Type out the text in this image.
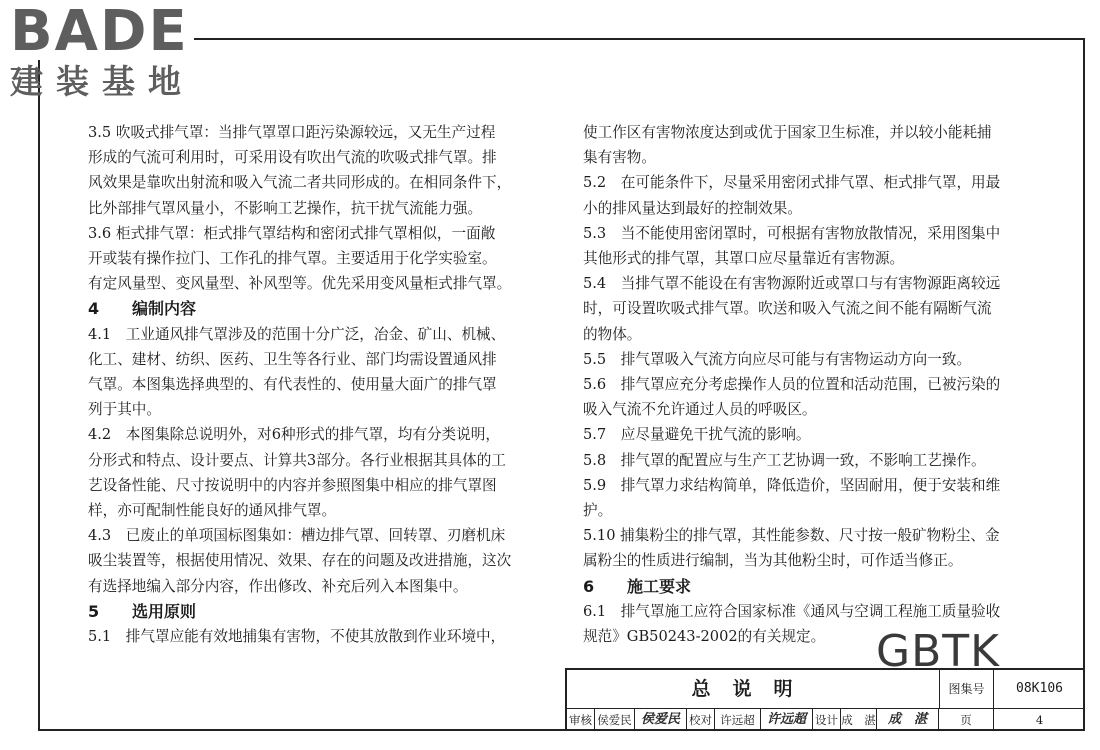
BADE
建装基地

3.5 吹吸式排气罩：当排气罩罩口距污染源较远，又无生产过程
形成的气流可利用时，可采用设有吹出气流的吹吸式排气罩。排
风效果是靠吹出射流和吸入气流二者共同形成的。在相同条件下，
比外部排气罩风量小，不影响工艺操作，抗干扰气流能力强。

3.6 柜式排气罩：柜式排气罩结构和密闭式排气罩相似，一面敞
开或装有操作拉门、工作孔的排气罩。主要适用于化学实验室。
有定风量型、变风量型、补风型等。优先采用变风量柜式排气罩。

4 编制内容

4.1　工业通风排气罩涉及的范围十分广泛，冶金、矿山、机械、
化工、建材、纺织、医药、卫生等各行业、部门均需设置通风排
气罩。本图集选择典型的、有代表性的、使用量大面广的排气罩
列于其中。

4.2　本图集除总说明外，对6种形式的排气罩，均有分类说明，
分形式和特点、设计要点、计算共3部分。各行业根据其具体的工
艺设备性能、尺寸按说明中的内容并参照图集中相应的排气罩图
样，亦可配制性能良好的通风排气罩。

4.3　已废止的单项国标图集如：槽边排气罩、回转罩、刃磨机床
吸尘装置等，根据使用情况、效果、存在的问题及改进措施，这次
有选择地编入部分内容，作出修改、补充后列入本图集中。

5 选用原则

5.1　排气罩应能有效地捕集有害物，不使其放散到作业环境中，

使工作区有害物浓度达到或优于国家卫生标准，并以较小能耗捕
集有害物。

5.2　在可能条件下，尽量采用密闭式排气罩、柜式排气罩，用最
小的排风量达到最好的控制效果。

5.3　当不能使用密闭罩时，可根据有害物放散情况，采用图集中
其他形式的排气罩，其罩口应尽量靠近有害物源。

5.4　当排气罩不能设在有害物源附近或罩口与有害物源距离较远
时，可设置吹吸式排气罩。吹送和吸入气流之间不能有隔断气流
的物体。

5.5　排气罩吸入气流方向应尽可能与有害物运动方向一致。

5.6　排气罩应充分考虑操作人员的位置和活动范围，已被污染的
吸入气流不允许通过人员的呼吸区。

5.7　应尽量避免干扰气流的影响。

5.8　排气罩的配置应与生产工艺协调一致，不影响工艺操作。

5.9　排气罩力求结构简单，降低造价，坚固耐用，便于安装和维
护。

5.10 捕集粉尘的排气罩，其性能参数、尺寸按一般矿物粉尘、金
属粉尘的性质进行编制，当为其他粉尘时，可作适当修正。

6 施工要求

6.1　排气罩施工应符合国家标准《通风与空调工程施工质量验收
规范》GB50243-2002的有关规定。	GBTK
总说明	图集号	08K106
审核 侯爱民 侯爱民 校对 许远超 许远超 设计 成　湛 成　湛	页	4
